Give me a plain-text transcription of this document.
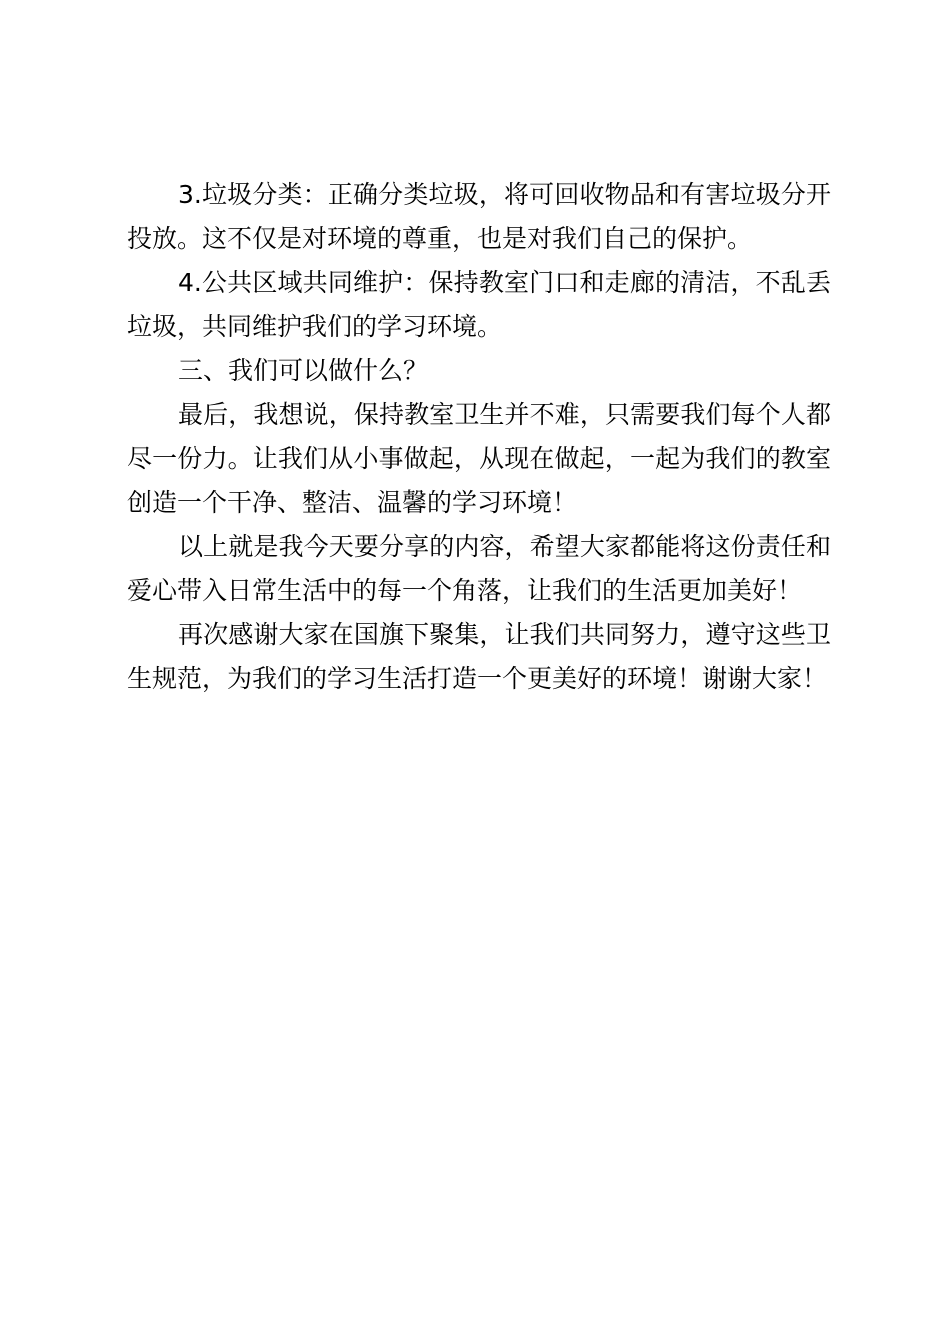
3.垃圾分类：正确分类垃圾，将可回收物品和有害垃圾分开投放。这不仅是对环境的尊重，也是对我们自己的保护。

4.公共区域共同维护：保持教室门口和走廊的清洁，不乱丢垃圾，共同维护我们的学习环境。

三、我们可以做什么？

最后，我想说，保持教室卫生并不难，只需要我们每个人都尽一份力。让我们从小事做起，从现在做起，一起为我们的教室创造一个干净、整洁、温馨的学习环境！

以上就是我今天要分享的内容，希望大家都能将这份责任和爱心带入日常生活中的每一个角落，让我们的生活更加美好！

再次感谢大家在国旗下聚集，让我们共同努力，遵守这些卫生规范，为我们的学习生活打造一个更美好的环境！谢谢大家！
